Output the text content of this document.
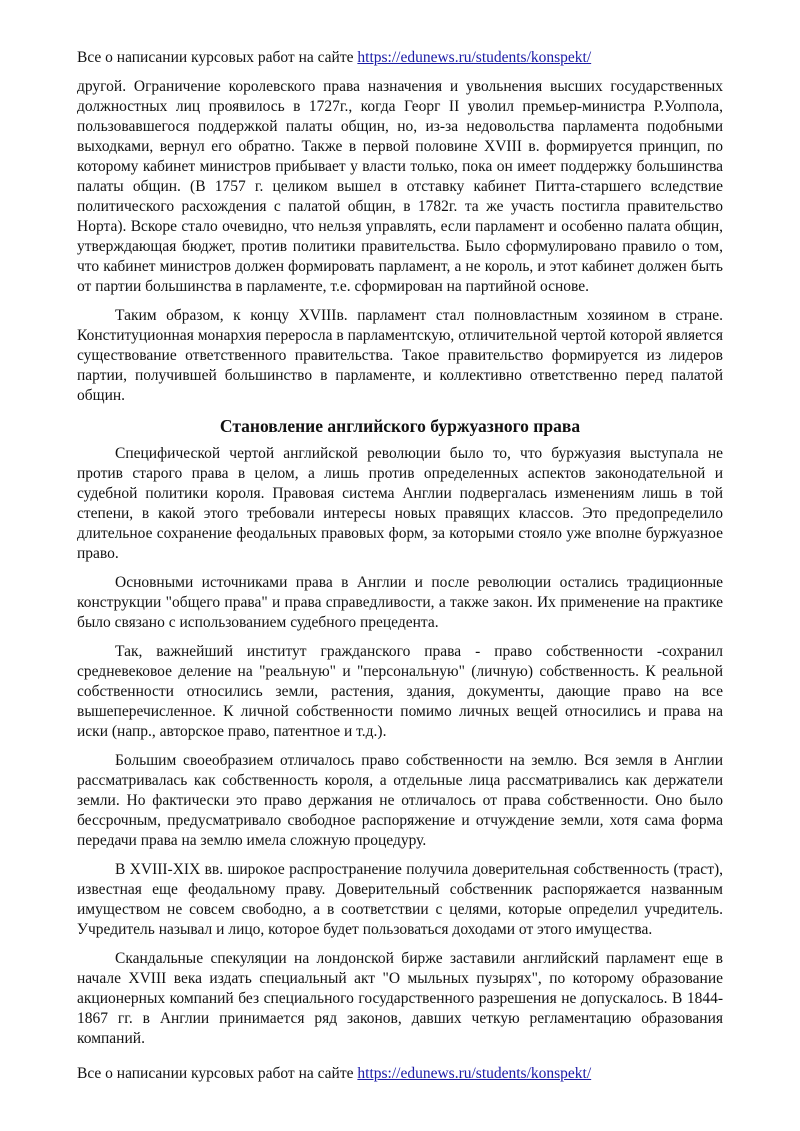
Все о написании курсовых работ на сайте https://edunews.ru/students/konspekt/

другой. Ограничение королевского права назначения и увольнения высших государственных должностных лиц проявилось в 1727г., когда Георг II уволил премьер-министра Р.Уолпола, пользовавшегося поддержкой палаты общин, но, из-за недовольства парламента подобными выходками, вернул его обратно. Также в первой половине XVIII в. формируется принцип, по которому кабинет министров прибывает у власти только, пока он имеет поддержку большинства палаты общин. (В 1757 г. целиком вышел в отставку кабинет Питта-старшего вследствие политического расхождения с палатой общин, в 1782г. та же участь постигла правительство Норта). Вскоре стало очевидно, что нельзя управлять, если парламент и особенно палата общин, утверждающая бюджет, против политики правительства. Было сформулировано правило о том, что кабинет министров должен формировать парламент, а не король, и этот кабинет должен быть от партии большинства в парламенте, т.е. сформирован на партийной основе.

Таким образом, к концу XVIIIв. парламент стал полновластным хозяином в стране. Конституционная монархия переросла в парламентскую, отличительной чертой которой является существование ответственного правительства. Такое правительство формируется из лидеров партии, получившей большинство в парламенте, и коллективно ответственно перед палатой общин.

Становление английского буржуазного права

Специфической чертой английской революции было то, что буржуазия выступала не против старого права в целом, а лишь против определенных аспектов законодательной и судебной политики короля. Правовая система Англии подвергалась изменениям лишь в той степени, в какой этого требовали интересы новых правящих классов. Это предопределило длительное сохранение феодальных правовых форм, за которыми стояло уже вполне буржуазное право.

Основными источниками права в Англии и после революции остались традиционные конструкции "общего права" и права справедливости, а также закон. Их применение на практике было связано с использованием судебного прецедента.

Так, важнейший институт гражданского права - право собственности -сохранил средневековое деление на "реальную" и "персональную" (личную) собственность. К реальной собственности относились земли, растения, здания, документы, дающие право на все вышеперечисленное. К личной собственности помимо личных вещей относились и права на иски (напр., авторское право, патентное и т.д.).

Большим своеобразием отличалось право собственности на землю. Вся земля в Англии рассматривалась как собственность короля, а отдельные лица рассматривались как держатели земли. Но фактически это право держания не отличалось от права собственности. Оно было бессрочным, предусматривало свободное распоряжение и отчуждение земли, хотя сама форма передачи права на землю имела сложную процедуру.

В XVIII-XIX вв. широкое распространение получила доверительная собственность (траст), известная еще феодальному праву. Доверительный собственник распоряжается названным имуществом не совсем свободно, а в соответствии с целями, которые определил учредитель. Учредитель называл и лицо, которое будет пользоваться доходами от этого имущества.

Скандальные спекуляции на лондонской бирже заставили английский парламент еще в начале XVIII века издать специальный акт "О мыльных пузырях", по которому образование акционерных компаний без специального государственного разрешения не допускалось. В 1844-1867 гг. в Англии принимается ряд законов, давших четкую регламентацию образования компаний.

Все о написании курсовых работ на сайте https://edunews.ru/students/konspekt/
